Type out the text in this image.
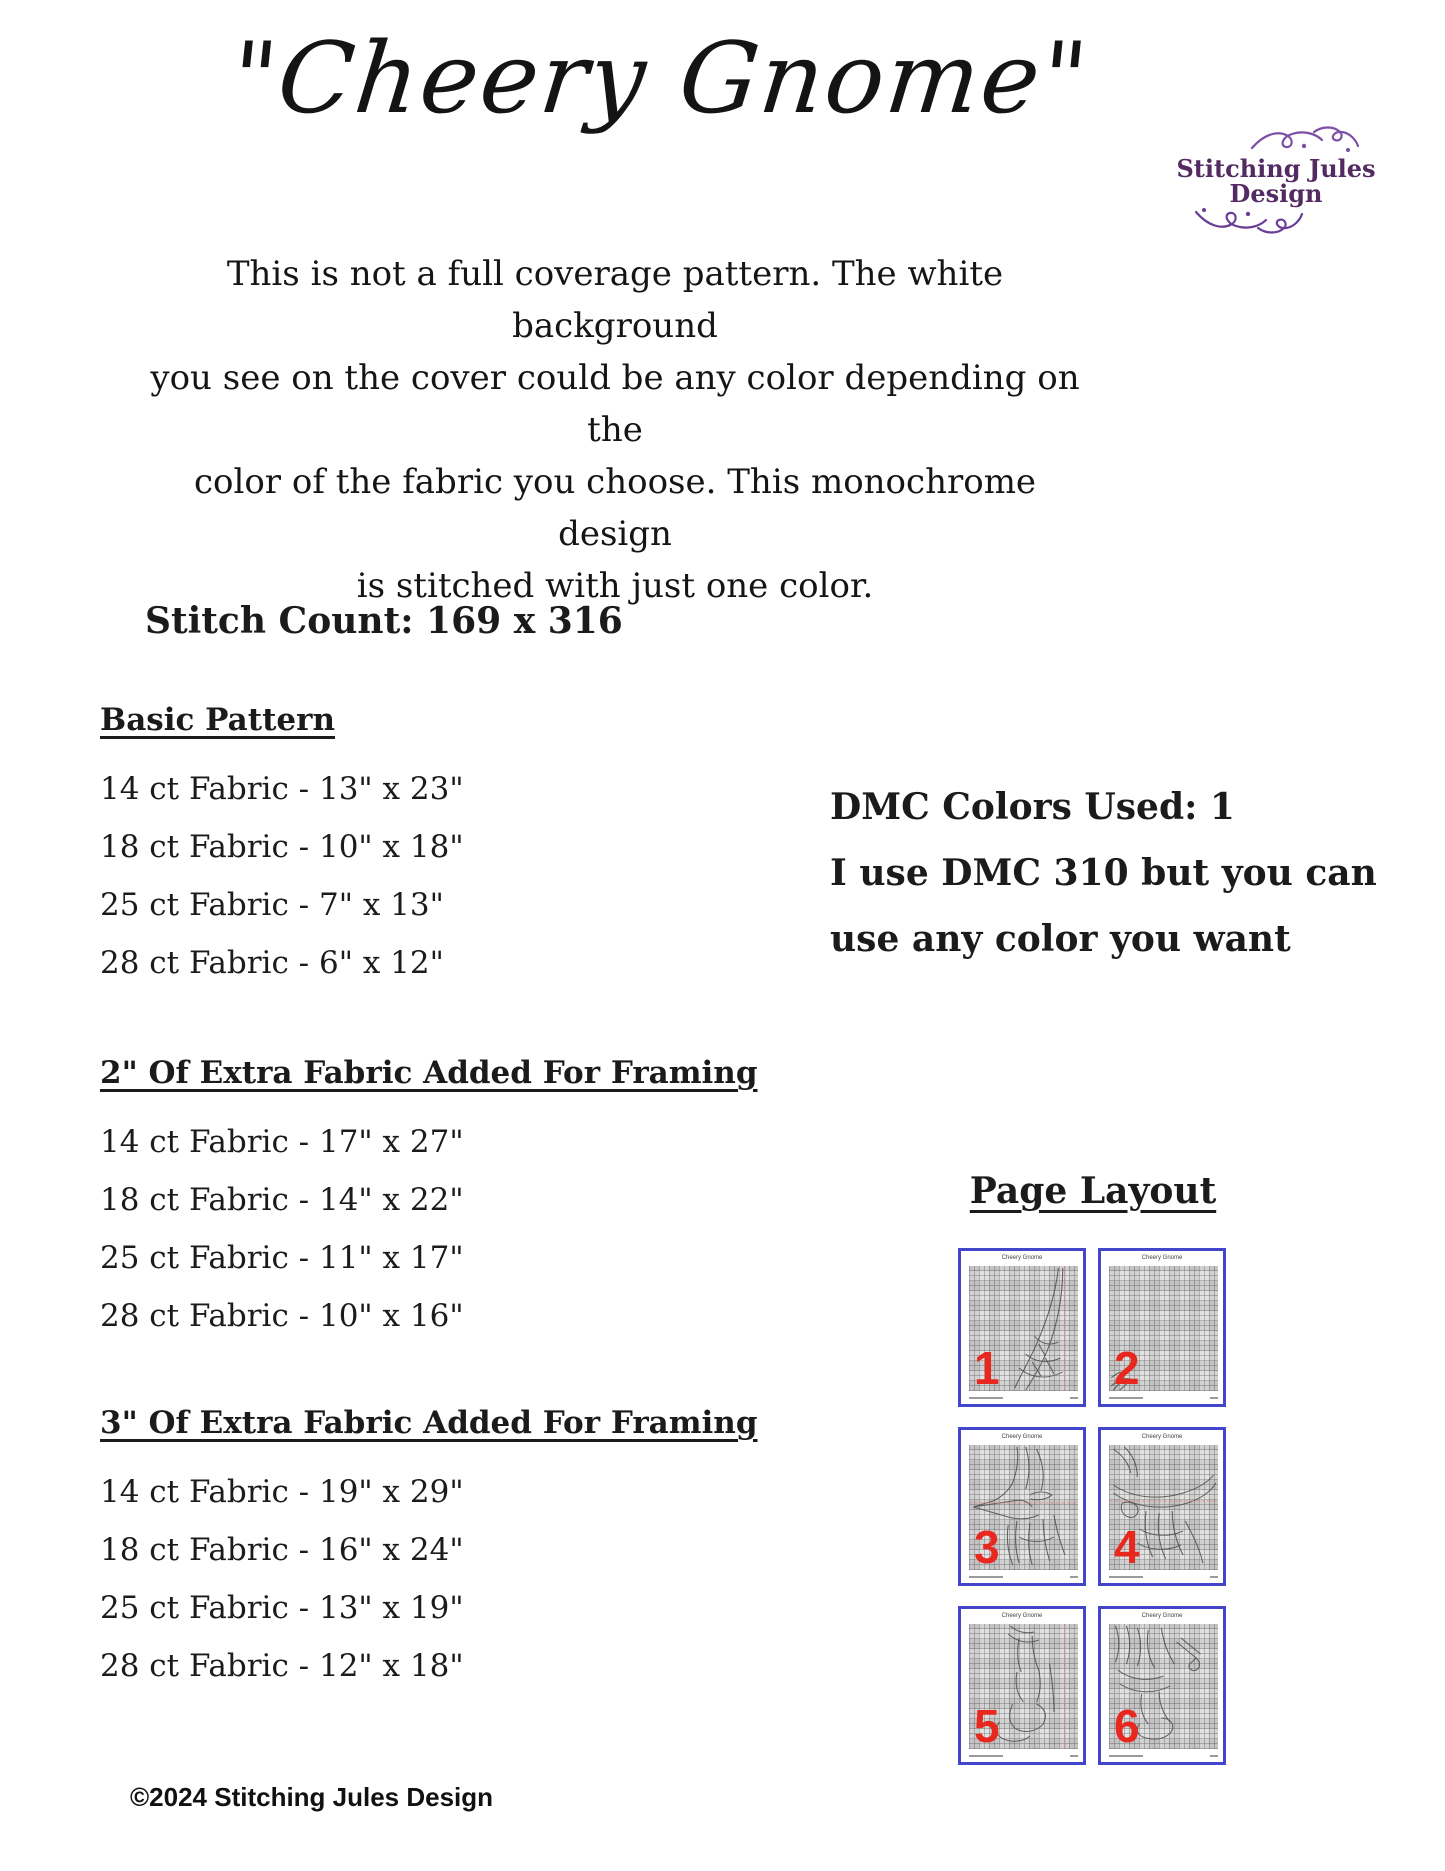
"Cheery Gnome"
Stitching Jules Design
This is not a full coverage pattern. The white background
you see on the cover could be any color depending on the
color of the fabric you choose. This monochrome design
is stitched with just one color.
Stitch Count: 169 x 316
Basic Pattern
14 ct Fabric - 13" x 23"
18 ct Fabric - 10" x 18"
25 ct Fabric - 7" x 13"
28 ct Fabric - 6" x 12"
DMC Colors Used: 1
I use DMC 310 but you can
use any color you want
2" Of Extra Fabric Added For Framing
14 ct Fabric - 17" x 27"
18 ct Fabric - 14" x 22"
25 ct Fabric - 11" x 17"
28 ct Fabric - 10" x 16"
3" Of Extra Fabric Added For Framing
14 ct Fabric - 19" x 29"
18 ct Fabric - 16" x 24"
25 ct Fabric - 13" x 19"
28 ct Fabric - 12" x 18"
Page Layout
Cheery Gnome
1
Cheery Gnome
2
Cheery Gnome
3
Cheery Gnome
4
Cheery Gnome
5
Cheery Gnome
6
©2024 Stitching Jules Design
